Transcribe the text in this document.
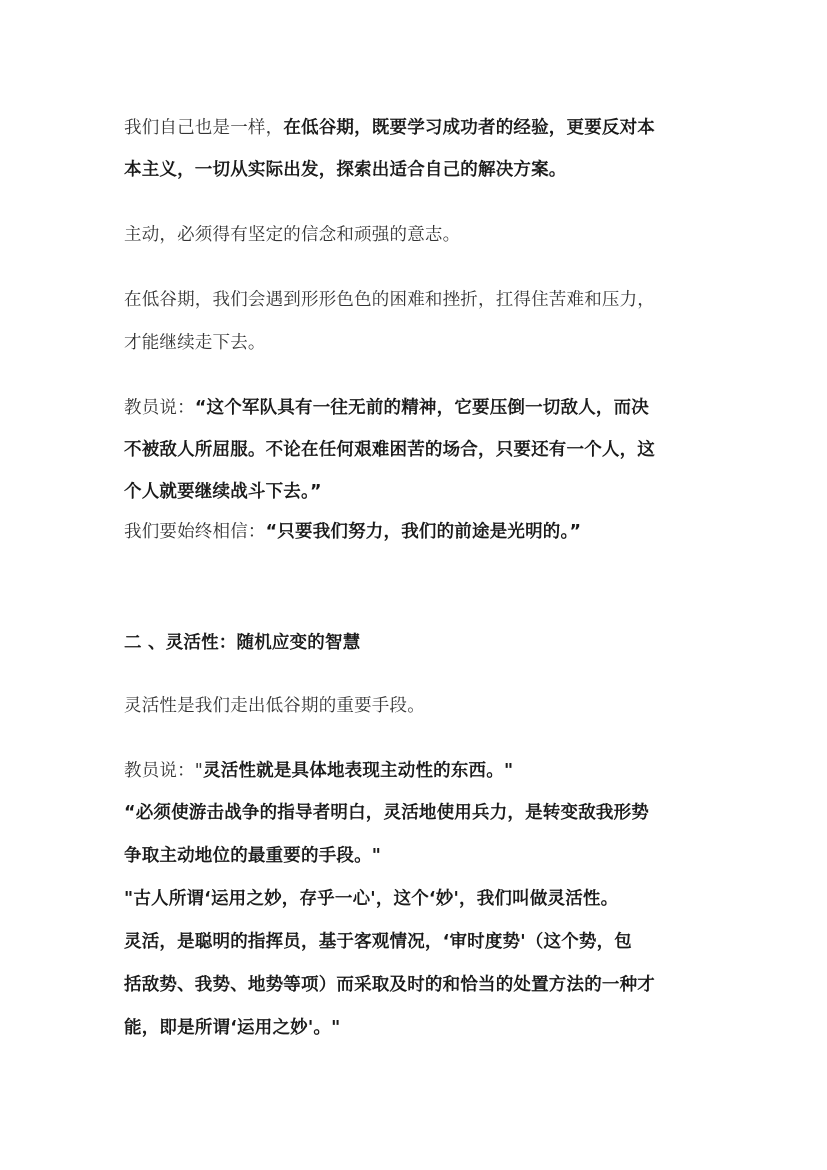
我们自己也是一样，在低谷期，既要学习成功者的经验，更要反对本

本主义，一切从实际出发，探索出适合自己的解决方案。

主动，必须得有坚定的信念和顽强的意志。

在低谷期，我们会遇到形形色色的困难和挫折，扛得住苦难和压力，

才能继续走下去。

教员说：“这个军队具有一往无前的精神，它要压倒一切敌人，而决

不被敌人所屈服。不论在任何艰难困苦的场合，只要还有一个人，这

个人就要继续战斗下去。”

我们要始终相信：“只要我们努力，我们的前途是光明的。”

二 、灵活性：随机应变的智慧

灵活性是我们走出低谷期的重要手段。

教员说："灵活性就是具体地表现主动性的东西。"

“必须使游击战争的指导者明白，灵活地使用兵力，是转变敌我形势

争取主动地位的最重要的手段。"

"古人所谓‘运用之妙，存乎一心'，这个‘妙'，我们叫做灵活性。

灵活，是聪明的指挥员，基于客观情况，‘审时度势'（这个势，包

括敌势、我势、地势等项）而采取及时的和恰当的处置方法的一种才

能，即是所谓‘运用之妙'。"
